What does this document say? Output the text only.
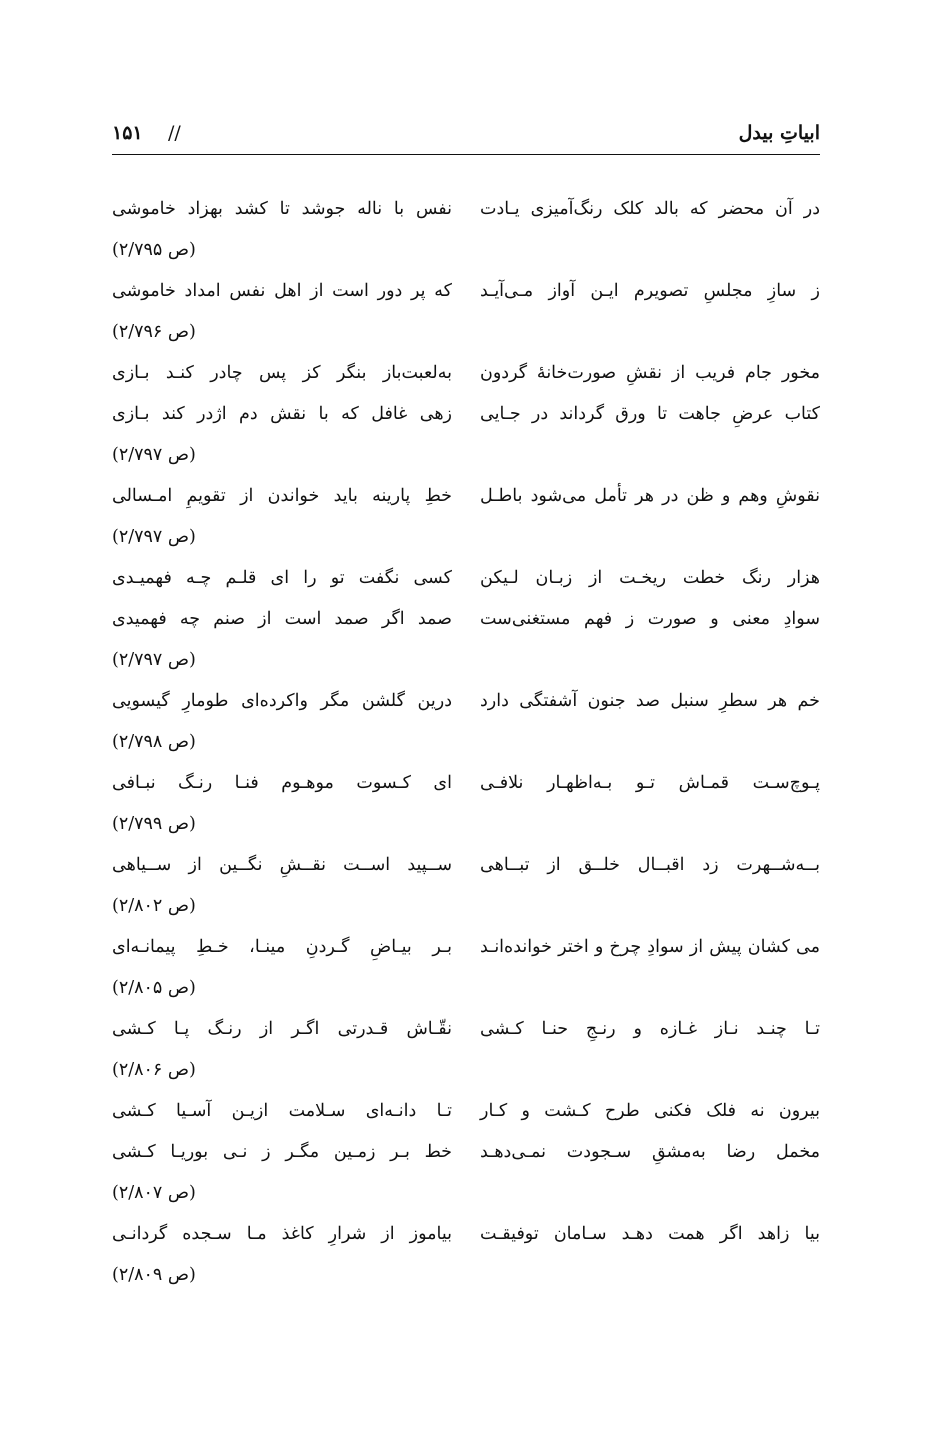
ابیاتِ بیدل
//
۱۵۱
در آن محضر که بالد کلک رنگ‌آمیزی یـادت
نفس با ناله جوشد تا کشد بهزاد خاموشی
(ص ۲/۷۹۵)
ز سازِ مجلسِ تصویرم ایـن آواز مـی‌آیـد
که پر دور است از اهل نفس امداد خاموشی
(ص ۲/۷۹۶)
مخور جام فریب از نقشِ صورت‌خانۀ گردون
به‌لعبت‌باز بنگر کز پس چادر کنـد بـازی
کتاب عرضِ جاهت تا ورق گرداند در جـایی
زهی غافل که با نقش دم اژدر کند بـازی
(ص ۲/۷۹۷)
نقوشِ وهم و ظن در هر تأمل می‌شود باطـل
خطِ پارینه باید خواندن از تقویمِ امـسالی
(ص ۲/۷۹۷)
هزار رنگ خطت ریخـت از زبـان لـیکن
کسی نگفت تو را ای قلـم چـه فهمیـدی
سوادِ معنی و صورت ز فهم مستغنی‌ست
صمد اگر صمد است از صنم چه فهمیدی
(ص ۲/۷۹۷)
خم هر سطرِ سنبل صد جنون آشفتگی دارد
درین گلشن مگر واکرده‌ای طومارِ گیسویی
(ص ۲/۷۹۸)
پـوچ‌سـت قمـاش تـو بـه‌اظهـار نلافـی
ای کـسوت موهـوم فنـا رنـگ نبـافی
(ص ۲/۷۹۹)
بــه‌شــهرت زد اقبــال خلــق از تبــاهی
ســپید اســت نقــشِ نگــین از ســیاهی
(ص ۲/۸۰۲)
می کشان پیش از سوادِ چرخ و اختر خوانده‌انـد
بـر بیـاضِ گـردنِ مینـا، خـطِ پیمانـه‌ای
(ص ۲/۸۰۵)
تـا چنـد نـاز غـازه و رنـجِ حنـا کـشی
نقّـاش قـدرتی اگـر از رنـگ پـا کـشی
(ص ۲/۸۰۶)
بیرون نه فلک فکنی طرح کـشت و کـار
تـا دانـه‌ای سـلامت ازیـن آسـیا کـشی
مخمل رضا به‌مشقِ سـجودت نمـی‌دهـد
خط بـر زمـین مگـر ز نـی بوریـا کـشی
(ص ۲/۸۰۷)
بیا زاهد اگر همت دهـد سـامان توفیقـت
بیاموز از شرارِ کاغذ مـا سـجده گردانـی
(ص ۲/۸۰۹)
